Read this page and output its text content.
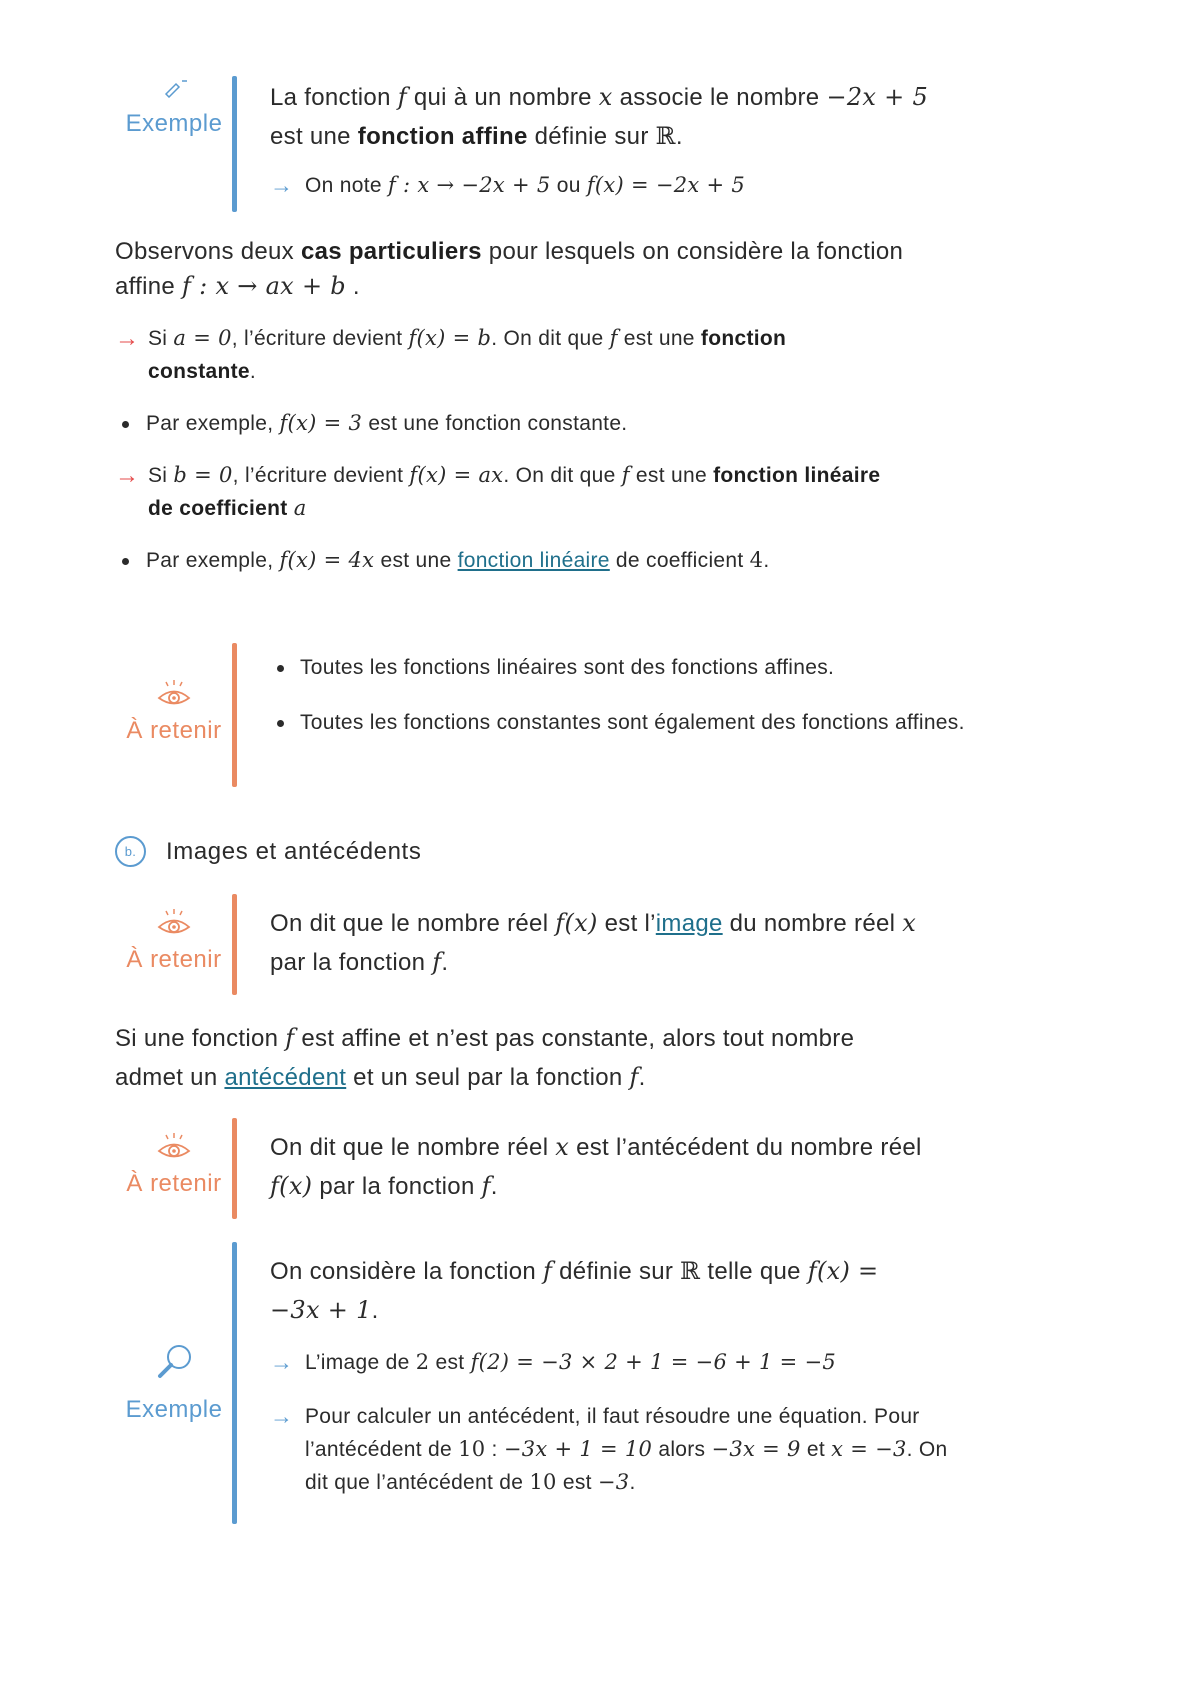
Exemple
La fonction f qui à un nombre x associe le nombre −2x + 5
est une fonction affine définie sur ℝ.
→ On note f : x → −2x + 5 ou f(x) = −2x + 5
Observons deux cas particuliers pour lesquels on considère la fonction
affine f : x → ax + b .
→ Si a = 0, l’écriture devient f(x) = b. On dit que f est une fonction
constante.
Par exemple, f(x) = 3 est une fonction constante.
→ Si b = 0, l’écriture devient f(x) = ax. On dit que f est une fonction linéaire
de coefficient a
Par exemple, f(x) = 4x est une fonction linéaire de coefficient 4.
À retenir
Toutes les fonctions linéaires sont des fonctions affines.
Toutes les fonctions constantes sont également des fonctions affines.
b.	Images et antécédents
À retenir
On dit que le nombre réel f(x) est l’image du nombre réel x
par la fonction f.
Si une fonction f est affine et n’est pas constante, alors tout nombre
admet un antécédent et un seul par la fonction f.
À retenir
On dit que le nombre réel x est l’antécédent du nombre réel
f(x) par la fonction f.
Exemple
On considère la fonction f définie sur ℝ telle que f(x) =
−3x + 1.
→ L’image de 2 est f(2) = −3 × 2 + 1 = −6 + 1 = −5
→ Pour calculer un antécédent, il faut résoudre une équation. Pour
l’antécédent de 10 : −3x + 1 = 10 alors −3x = 9 et x = −3. On
dit que l’antécédent de 10 est −3.
